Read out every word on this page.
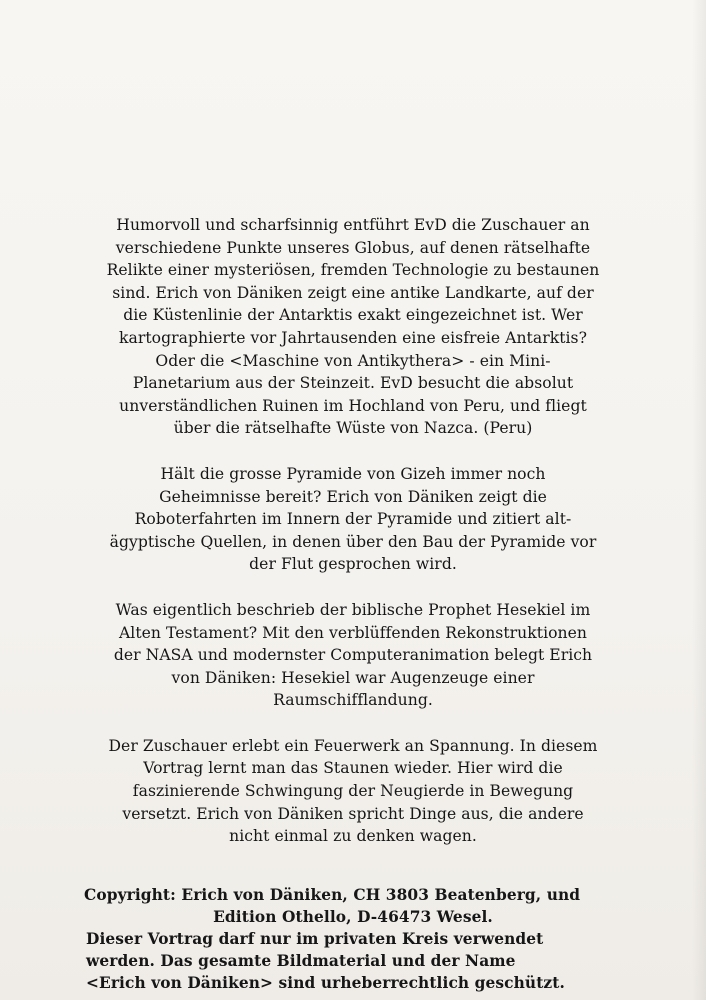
Humorvoll und scharfsinnig entführt EvD die Zuschauer an
verschiedene Punkte unseres Globus, auf denen rätselhafte
Relikte einer mysteriösen, fremden Technologie zu bestaunen
sind. Erich von Däniken zeigt eine antike Landkarte, auf der
die Küstenlinie der Antarktis exakt eingezeichnet ist. Wer
kartographierte vor Jahrtausenden eine eisfreie Antarktis?
Oder die <Maschine von Antikythera> - ein Mini-
Planetarium aus der Steinzeit. EvD besucht die absolut
unverständlichen Ruinen im Hochland von Peru, und fliegt
über die rätselhafte Wüste von Nazca. (Peru)

Hält die grosse Pyramide von Gizeh immer noch
Geheimnisse bereit? Erich von Däniken zeigt die
Roboterfahrten im Innern der Pyramide und zitiert alt-
ägyptische Quellen, in denen über den Bau der Pyramide vor
der Flut gesprochen wird.

Was eigentlich beschrieb der biblische Prophet Hesekiel im
Alten Testament? Mit den verblüffenden Rekonstruktionen
der NASA und modernster Computeranimation belegt Erich
von Däniken: Hesekiel war Augenzeuge einer
Raumschifflandung.

Der Zuschauer erlebt ein Feuerwerk an Spannung. In diesem
Vortrag lernt man das Staunen wieder. Hier wird die
faszinierende Schwingung der Neugierde in Bewegung
versetzt. Erich von Däniken spricht Dinge aus, die andere
nicht einmal zu denken wagen.

Copyright: Erich von Däniken, CH 3803 Beatenberg, und
Edition Othello, D-46473 Wesel.
Dieser Vortrag darf nur im privaten Kreis verwendet
werden. Das gesamte Bildmaterial und der Name
<Erich von Däniken> sind urheberrechtlich geschützt.
